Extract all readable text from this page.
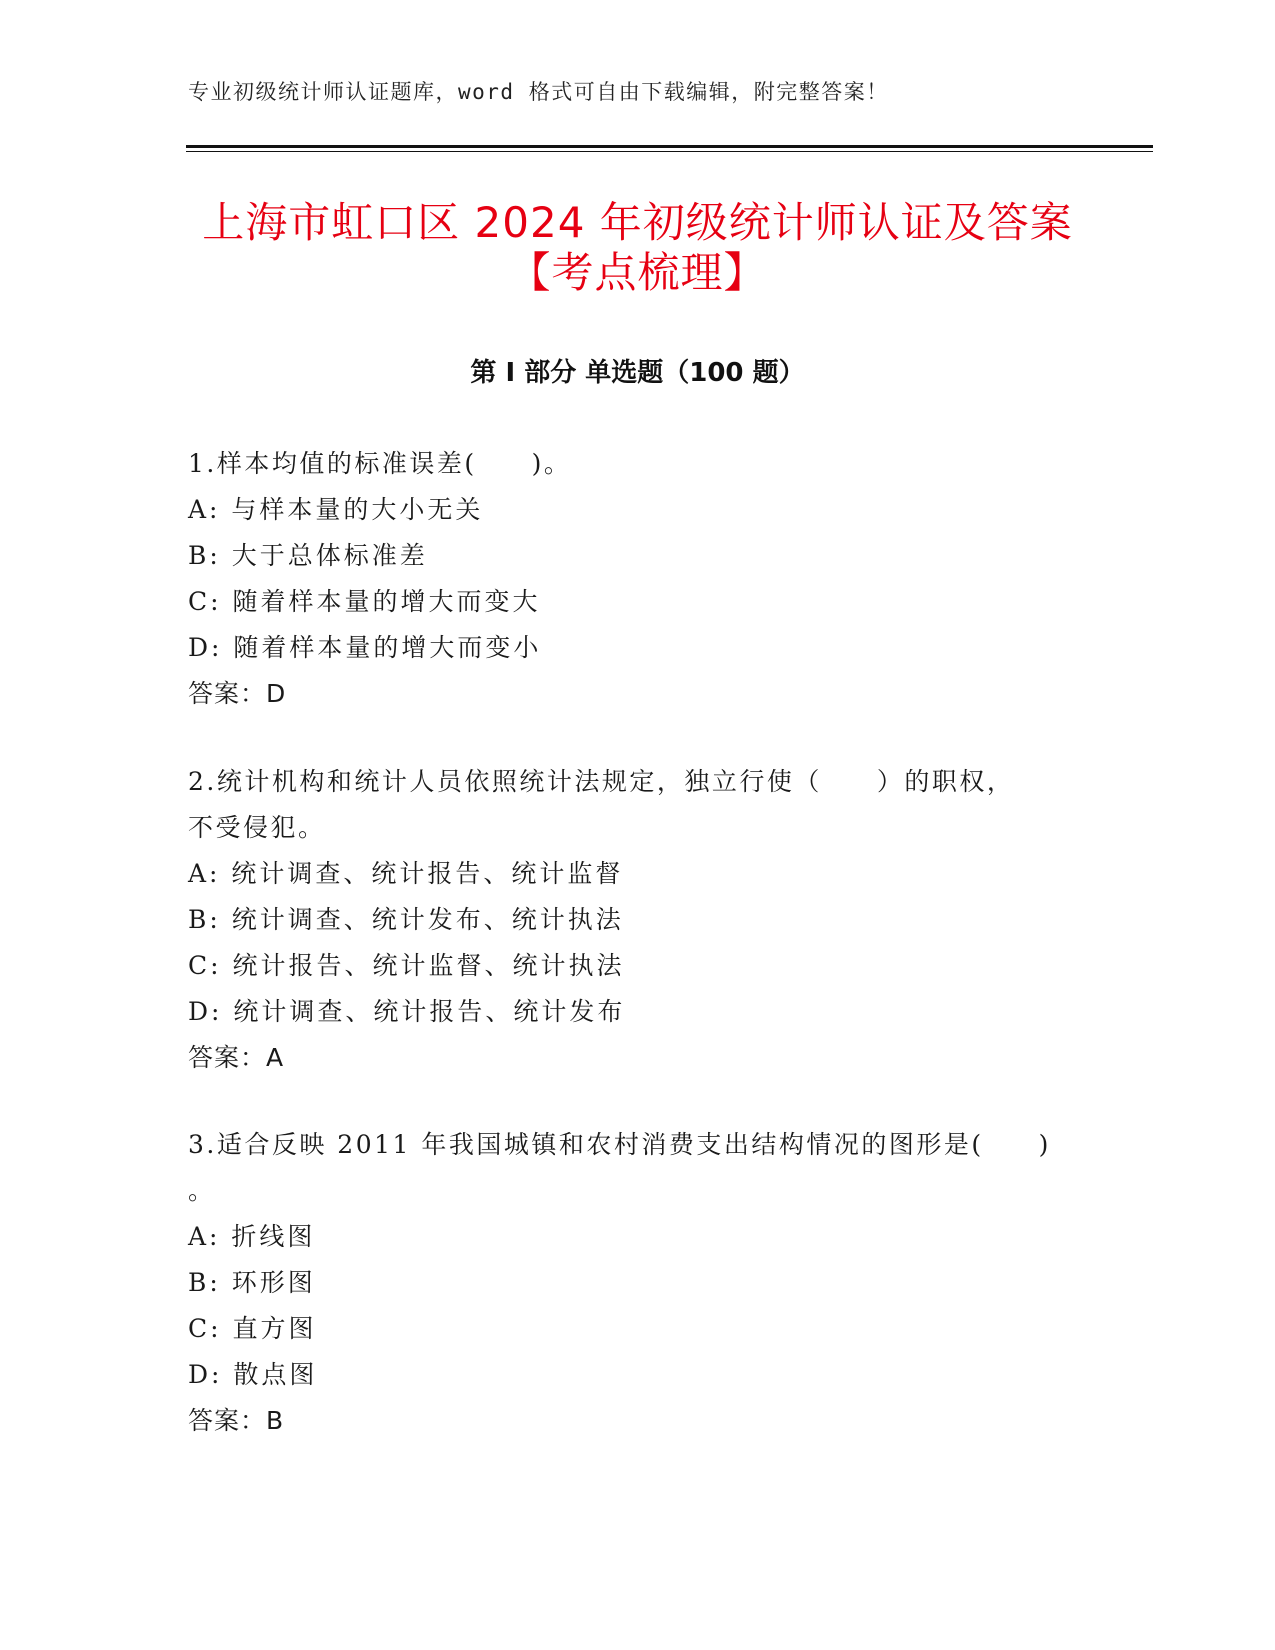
专业初级统计师认证题库，word 格式可自由下载编辑，附完整答案！
上海市虹口区 2024 年初级统计师认证及答案
【考点梳理】
第 I 部分 单选题（100 题）
1.样本均值的标准误差(　　)。
A: 与样本量的大小无关
B: 大于总体标准差
C: 随着样本量的增大而变大
D: 随着样本量的增大而变小
答案：D
2.统计机构和统计人员依照统计法规定，独立行使（　　）的职权，
不受侵犯。
A: 统计调查、统计报告、统计监督
B: 统计调查、统计发布、统计执法
C: 统计报告、统计监督、统计执法
D: 统计调查、统计报告、统计发布
答案：A
3.适合反映 2011 年我国城镇和农村消费支出结构情况的图形是(　　)
。
A: 折线图
B: 环形图
C: 直方图
D: 散点图
答案：B
